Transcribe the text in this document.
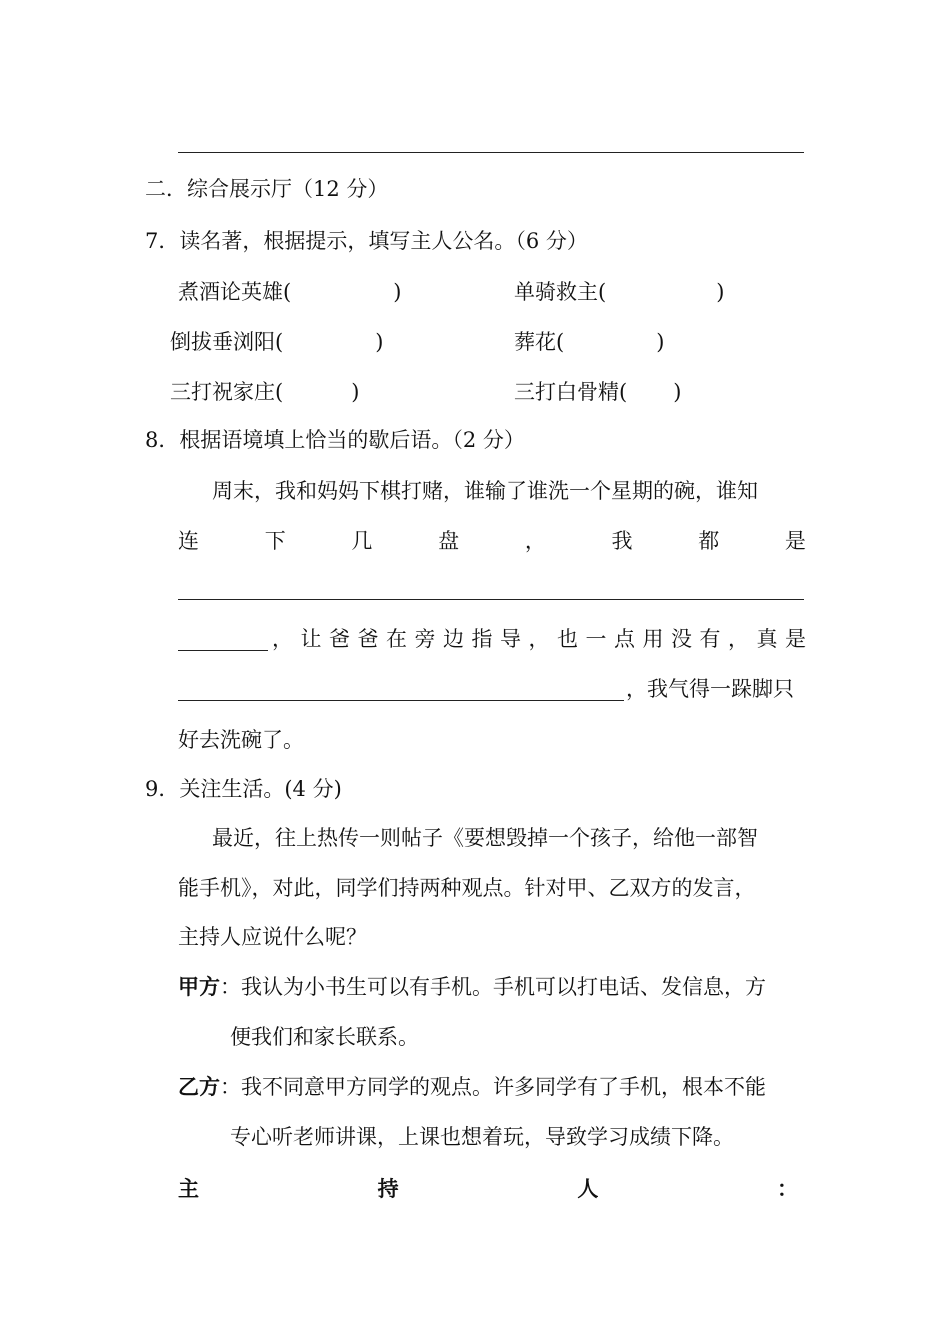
二．综合展示厅（12 分）
7．读名著，根据提示，填写主人公名。（6 分）
煮酒论英雄(	)	单骑救主(	)
倒拔垂浏阳(	)	葬花(	)
三打祝家庄(	)	三打白骨精( )
8．根据语境填上恰当的歇后语。（2 分）
周末，我和妈妈下棋打赌，谁输了谁洗一个星期的碗，谁知
连	下	几	盘	，	我	都	是
， 让 爸 爸 在 旁 边 指 导 ， 也 一 点 用 没 有 ， 真 是
，我气得一跺脚只
好去洗碗了。
9．关注生活。(4 分)
最近，往上热传一则帖子《要想毁掉一个孩子，给他一部智
能手机》，对此，同学们持两种观点。针对甲、乙双方的发言，
主持人应说什么呢？
甲方：我认为小书生可以有手机。手机可以打电话、发信息，方
便我们和家长联系。
乙方：我不同意甲方同学的观点。许多同学有了手机，根本不能
专心听老师讲课，上课也想着玩，导致学习成绩下降。
主	持	人	：
